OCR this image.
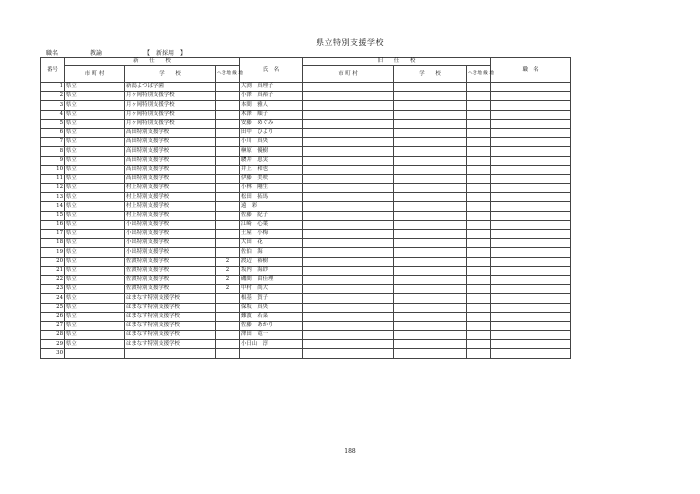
県立特別支援学校
職名	教諭	【　新採用　】
番号	新　　任　　校			氏　名	旧　　任　　校			職　名
	市 町 村	学　　校	へき地 級 地		市 町 村	学　　校	へき地 級 地	
1	県立	新潟よつば学園		大渕　真理子				
2	県立	月ヶ岡特別支援学校		小澤　真裕子				
3	県立	月ヶ岡特別支援学校		本間　雅人				
4	県立	月ヶ岡特別支援学校		木澤　順子				
5	県立	月ヶ岡特別支援学校		安藤　めぐみ				
6	県立	高田特別支援学校		田中　ひより				
7	県立	高田特別支援学校		小川　真央				
8	県立	高田特別支援学校		榊原　優樹				
9	県立	高田特別支援学校		駿井　恵実				
10	県立	高田特別支援学校		井上　和也				
11	県立	高田特別支援学校		伊藤　美咲				
12	県立	村上特別支援学校		小林　剛生				
13	県立	村上特別支援学校		松田　拓馬				
14	県立	村上特別支援学校		遠　彩				
15	県立	村上特別支援学校		佐藤　紀子				
16	県立	小出特別支援学校		江崎　心葉				
17	県立	小出特別支援学校		土屋　小梅				
18	県立	小出特別支援学校		大田　花				
19	県立	小出特別支援学校		佐伯　海				
20	県立	佐渡特別支援学校	2	渡辺　裕樹				
21	県立	佐渡特別支援学校	2	坂内　海紗				
22	県立	佐渡特別支援学校	2	磯間　由佳理				
23	県立	佐渡特別支援学校	2	甲村　尚大				
24	県立	はまなす特別支援学校		根基　賀子				
25	県立	はまなす特別支援学校		保坂　真央				
26	県立	はまなす特別支援学校		難波　若菜				
27	県立	はまなす特別支援学校		佐藤　あかり				
28	県立	はまなす特別支援学校		澤田　竜一				
29	県立	はまなす特別支援学校		小日山　淳				
30								
188
